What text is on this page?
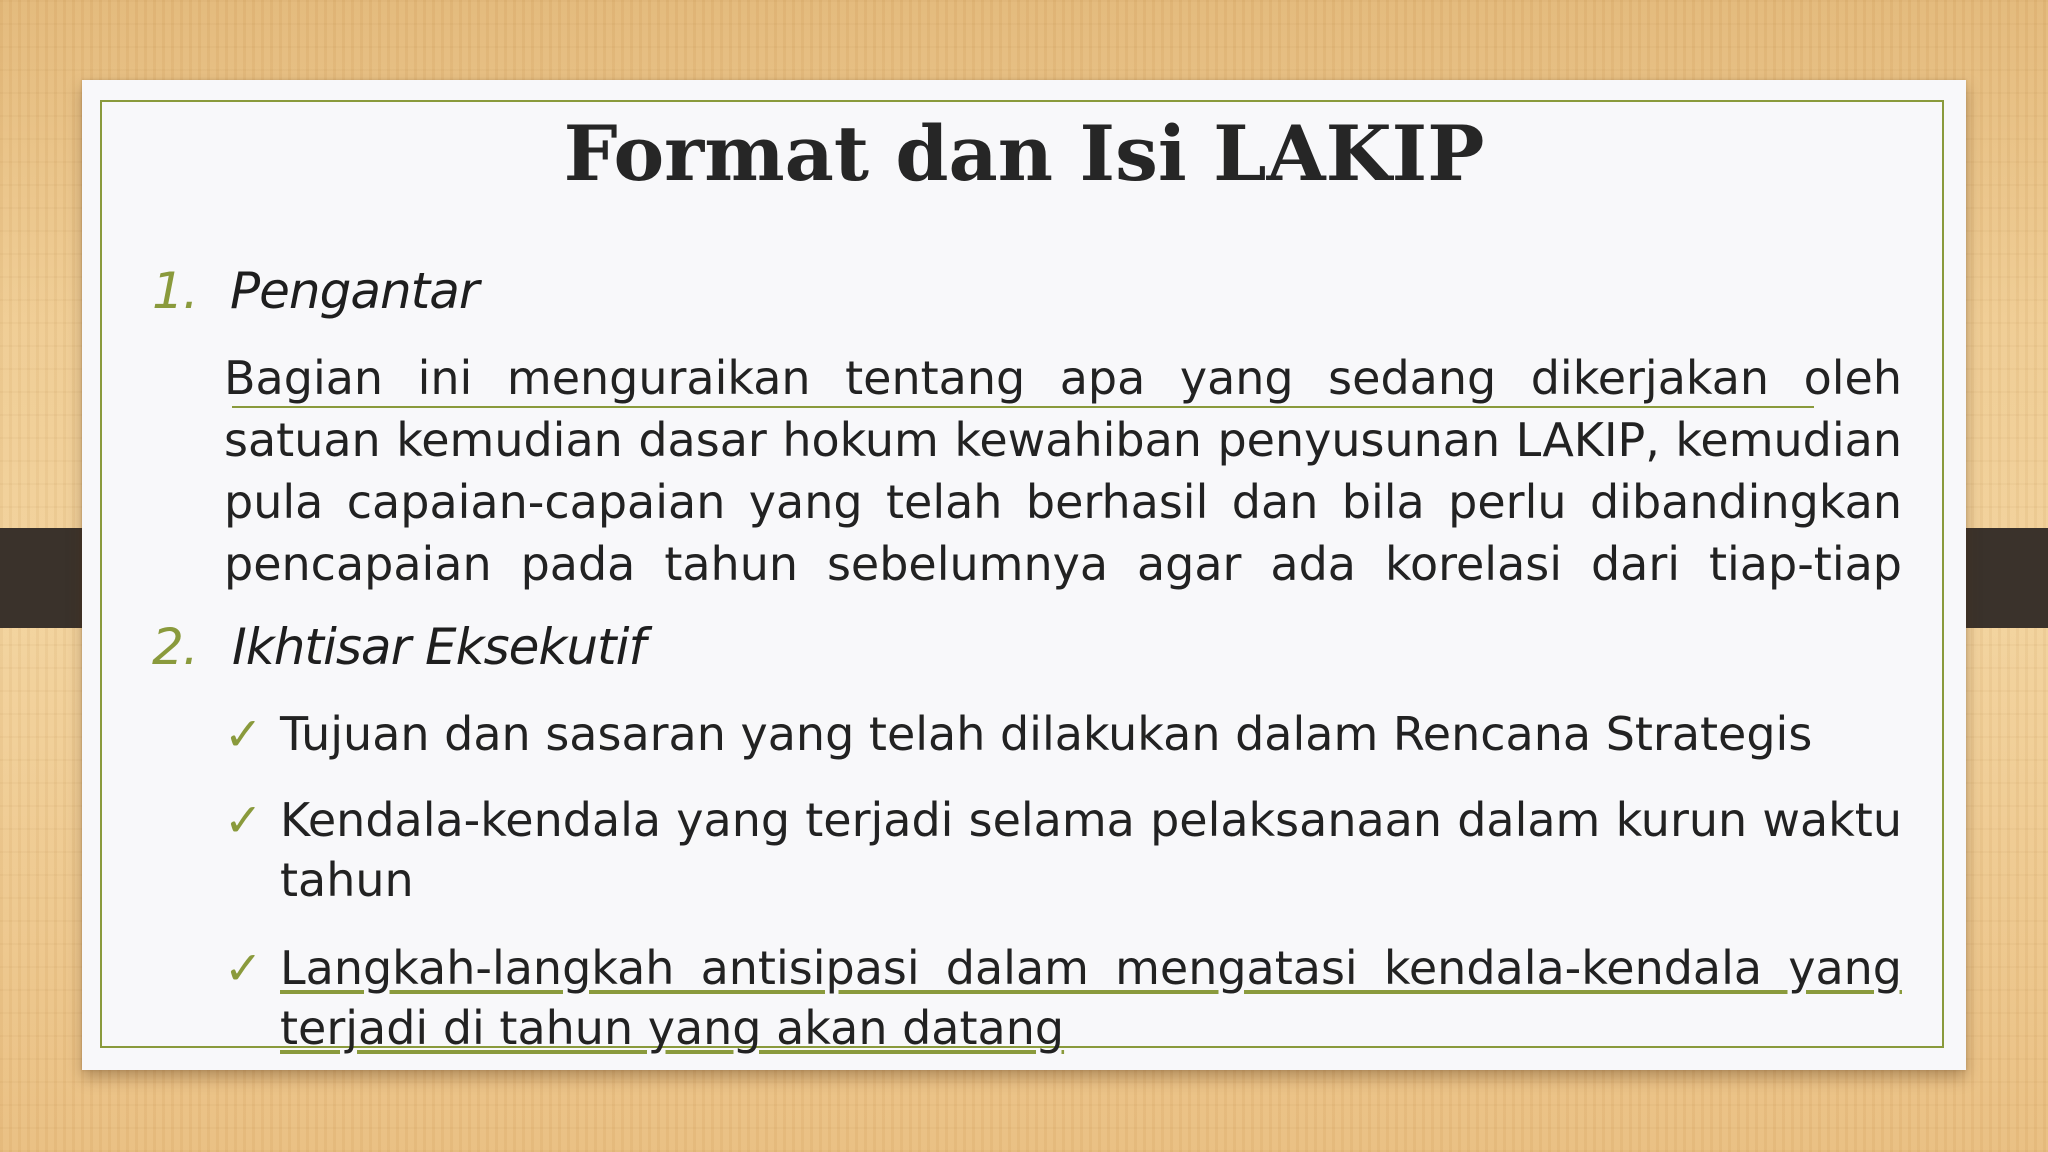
Format dan Isi LAKIP
1. Pengantar

Bagian ini menguraikan tentang apa yang sedang dikerjakan oleh satuan kemudian dasar hokum kewahiban penyusunan LAKIP, kemudian pula capaian-capaian yang telah berhasil dan bila perlu dibandingkan pencapaian pada tahun sebelumnya agar ada korelasi dari tiap-tiap

2. Ikhtisar Eksekutif
✓ Tujuan dan sasaran yang telah dilakukan dalam Rencana Strategis
✓ Kendala-kendala yang terjadi selama pelaksanaan dalam kurun waktu tahun
✓ Langkah-langkah antisipasi dalam mengatasi kendala-kendala yang terjadi di tahun yang akan datang
